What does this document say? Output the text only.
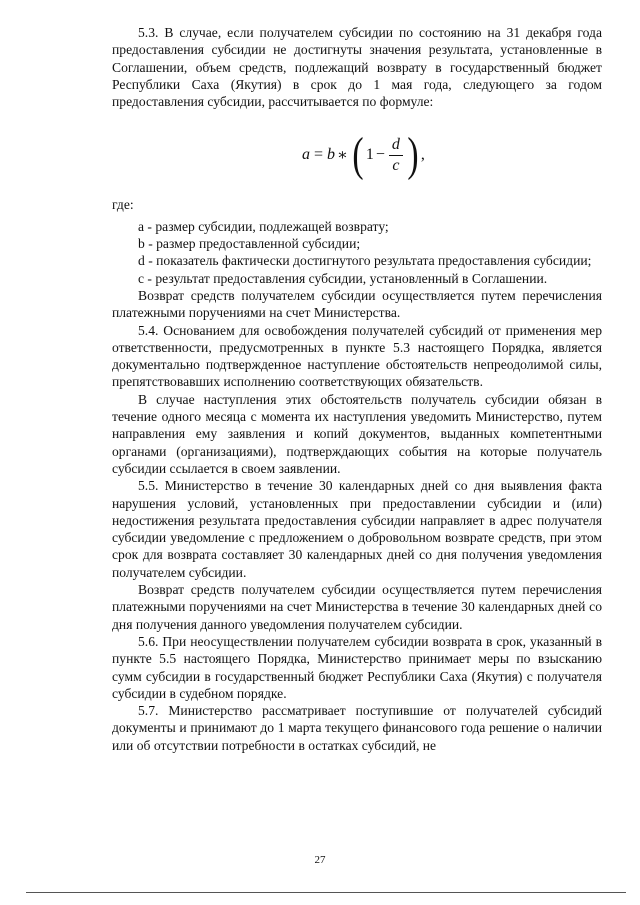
5.3. В случае, если получателем субсидии по состоянию на 31 декабря года предоставления субсидии не достигнуты значения результата, установленные в Соглашении, объем средств, подлежащий возврату в государственный бюджет Республики Саха (Якутия) в срок до 1 мая года, следующего за годом предоставления субсидии, рассчитывается по формуле:

a = b ∗ ( $1 - \frac{d}{c}$ ) ,

где:

a - размер субсидии, подлежащей возврату;

b - размер предоставленной субсидии;

d - показатель фактически достигнутого результата предоставления субсидии;

c - результат предоставления субсидии, установленный в Соглашении.

Возврат средств получателем субсидии осуществляется путем перечисления платежными поручениями на счет Министерства.

5.4. Основанием для освобождения получателей субсидий от применения мер ответственности, предусмотренных в пункте 5.3 настоящего Порядка, является документально подтвержденное наступление обстоятельств непреодолимой силы, препятствовавших исполнению соответствующих обязательств.

В случае наступления этих обстоятельств получатель субсидии обязан в течение одного месяца с момента их наступления уведомить Министерство, путем направления ему заявления и копий документов, выданных компетентными органами (организациями), подтверждающих события на которые получатель субсидии ссылается в своем заявлении.

5.5. Министерство в течение 30 календарных дней со дня выявления факта нарушения условий, установленных при предоставлении субсидии и (или) недостижения результата предоставления субсидии направляет в адрес получателя субсидии уведомление с предложением о добровольном возврате средств, при этом срок для возврата составляет 30 календарных дней со дня получения уведомления получателем субсидии.

Возврат средств получателем субсидии осуществляется путем перечисления платежными поручениями на счет Министерства в течение 30 календарных дней со дня получения данного уведомления получателем субсидии.

5.6. При неосуществлении получателем субсидии возврата в срок, указанный в пункте 5.5 настоящего Порядка, Министерство принимает меры по взысканию сумм субсидии в государственный бюджет Республики Саха (Якутия) с получателя субсидии в судебном порядке.

5.7. Министерство рассматривает поступившие от получателей субсидий документы и принимают до 1 марта текущего финансового года решение о наличии или об отсутствии потребности в остатках субсидий, не

27
